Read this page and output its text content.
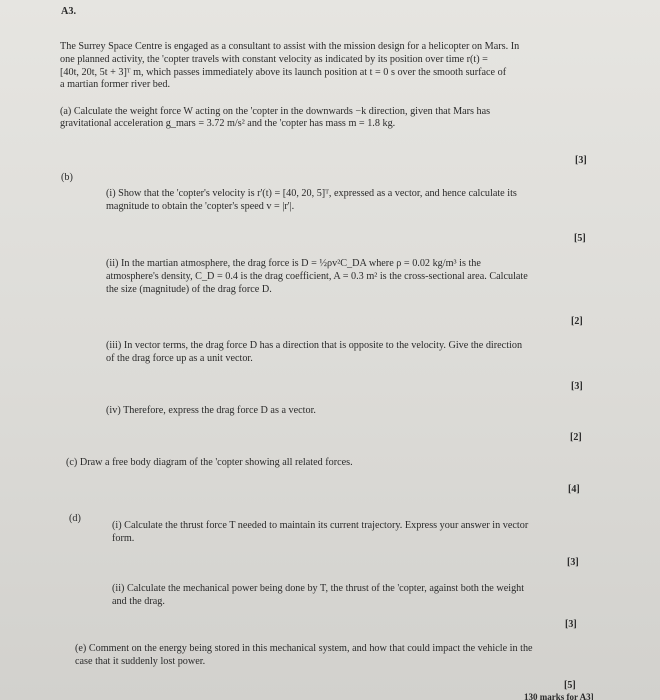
A3.
The Surrey Space Centre is engaged as a consultant to assist with the mission design for a helicopter on Mars. In
one planned activity, the 'copter travels with constant velocity as indicated by its position over time r(t) =
[40t, 20t, 5t + 3]ᵀ m, which passes immediately above its launch position at t = 0 s over the smooth surface of
a martian former river bed.
(a) Calculate the weight force W acting on the 'copter in the downwards −k direction, given that Mars has
gravitational acceleration g_mars = 3.72 m/s² and the 'copter has mass m = 1.8 kg.
[3]
(b)
(i) Show that the 'copter's velocity is r'(t) = [40, 20, 5]ᵀ, expressed as a vector, and hence calculate its
magnitude to obtain the 'copter's speed v = |r'|.
[5]
(ii) In the martian atmosphere, the drag force is D = ½ρv²C_DA where ρ = 0.02 kg/m³ is the
atmosphere's density, C_D = 0.4 is the drag coefficient, A = 0.3 m² is the cross-sectional area. Calculate
the size (magnitude) of the drag force D.
[2]
(iii) In vector terms, the drag force D has a direction that is opposite to the velocity. Give the direction
of the drag force up as a unit vector.
[3]
(iv) Therefore, express the drag force D as a vector.
[2]
(c) Draw a free body diagram of the 'copter showing all related forces.
[4]
(d)
(i) Calculate the thrust force T needed to maintain its current trajectory. Express your answer in vector
form.
[3]
(ii) Calculate the mechanical power being done by T, the thrust of the 'copter, against both the weight
and the drag.
[3]
(e) Comment on the energy being stored in this mechanical system, and how that could impact the vehicle in the
case that it suddenly lost power.
[5]
130 marks for A3]
